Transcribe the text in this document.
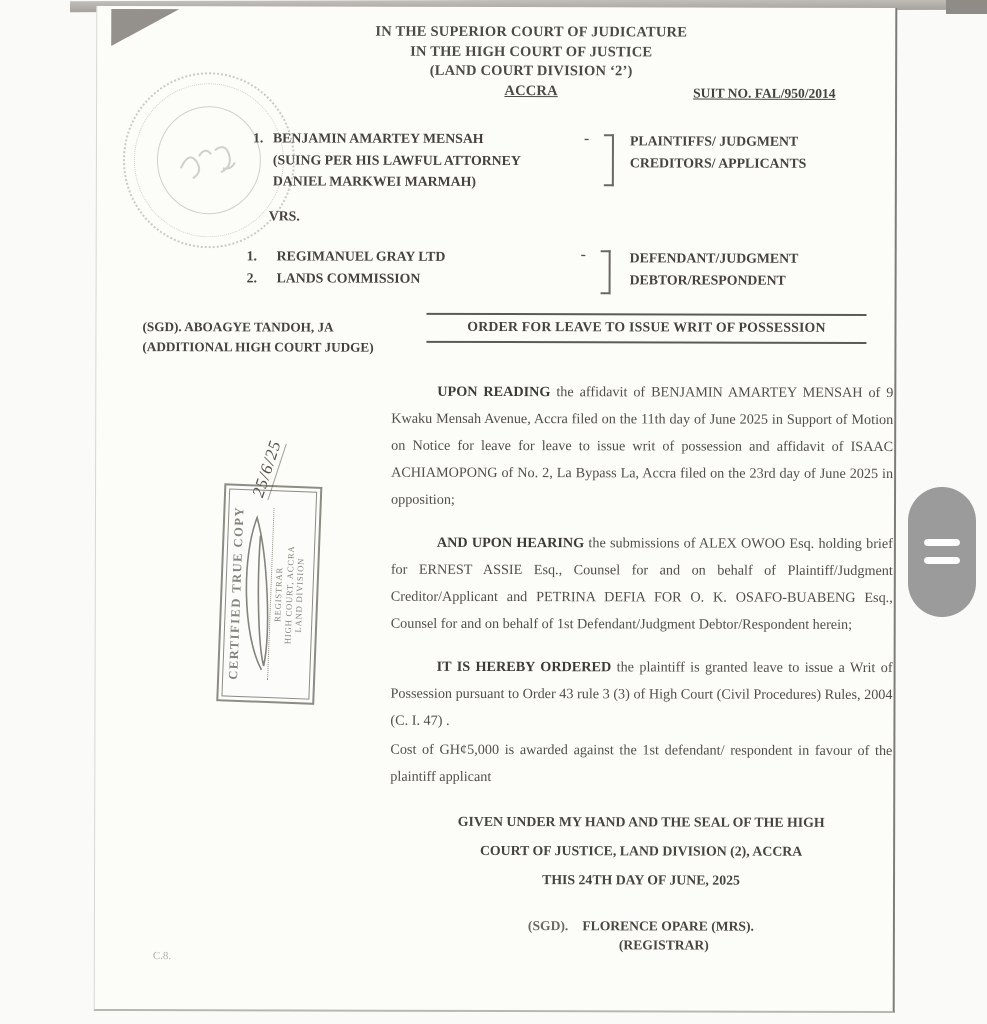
IN THE SUPERIOR COURT OF JUDICATURE
IN THE HIGH COURT OF JUSTICE
(LAND COURT DIVISION ‘2’)
ACCRA	SUIT NO. FAL/950/2014
1. BENJAMIN AMARTEY MENSAH
(SUING PER HIS LAWFUL ATTORNEY
DANIEL MARKWEI MARMAH)
-	PLAINTIFFS/ JUDGMENT
CREDITORS/ APPLICANTS
VRS.
1.
2.
REGIMANUEL GRAY LTD
LANDS COMMISSION
-	DEFENDANT/JUDGMENT
DEBTOR/RESPONDENT
(SGD). ABOAGYE TANDOH, JA
(ADDITIONAL HIGH COURT JUDGE)
ORDER FOR LEAVE TO ISSUE WRIT OF POSSESSION

UPON READING the affidavit of BENJAMIN AMARTEY MENSAH of 9 Kwaku Mensah Avenue, Accra filed on the 11th day of June 2025 in Support of Motion on Notice for leave for leave to issue writ of possession and affidavit of ISAAC ACHIAMOPONG of No. 2, La Bypass La, Accra filed on the 23rd day of June 2025 in opposition;

AND UPON HEARING the submissions of ALEX OWOO Esq. holding brief for ERNEST ASSIE Esq., Counsel for and on behalf of Plaintiff/Judgment Creditor/Applicant and PETRINA DEFIA FOR O. K. OSAFO-BUABENG Esq., Counsel for and on behalf of 1st Defendant/Judgment Debtor/Respondent herein;

IT IS HEREBY ORDERED the plaintiff is granted leave to issue a Writ of Possession pursuant to Order 43 rule 3 (3) of High Court (Civil Procedures) Rules, 2004 (C. I. 47) .

Cost of GH¢5,000 is awarded against the 1st defendant/ respondent in favour of the plaintiff applicant

GIVEN UNDER MY HAND AND THE SEAL OF THE HIGH
COURT OF JUSTICE, LAND DIVISION (2), ACCRA
THIS 24TH DAY OF JUNE, 2025
(SGD). FLORENCE OPARE (MRS).
(REGISTRAR)
C.8.
CERTIFIED TRUE COPY	REGISTRAR
HIGH COURT, ACCRA
LAND DIVISION
25/6/25
